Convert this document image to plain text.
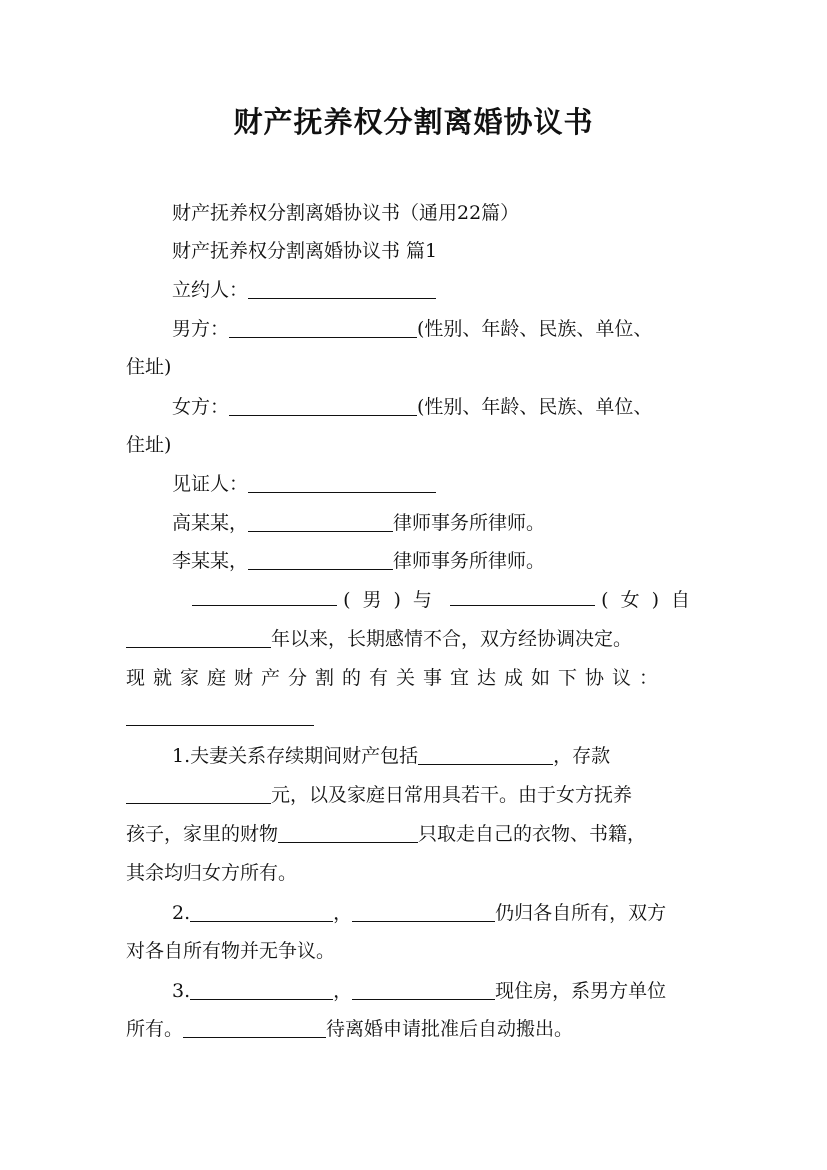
财产抚养权分割离婚协议书
财产抚养权分割离婚协议书（通用22篇）
财产抚养权分割离婚协议书 篇1
立约人：
男方：	(性别、年龄、民族、单位、
住址)
女方：	(性别、年龄、民族、单位、
住址)
见证人：
高某某，	律师事务所律师。
李某某，	律师事务所律师。
(男)与	(女)自
年以来，长期感情不合，双方经协调决定。
现就家庭财产分割的有关事宜达成如下协议：
1.夫妻关系存续期间财产包括	，存款
元，以及家庭日常用具若干。由于女方抚养
孩子，家里的财物	只取走自己的衣物、书籍，
其余均归女方所有。
2.	，	仍归各自所有，双方
对各自所有物并无争议。
3.	，	现住房，系男方单位
所有。	待离婚申请批准后自动搬出。
